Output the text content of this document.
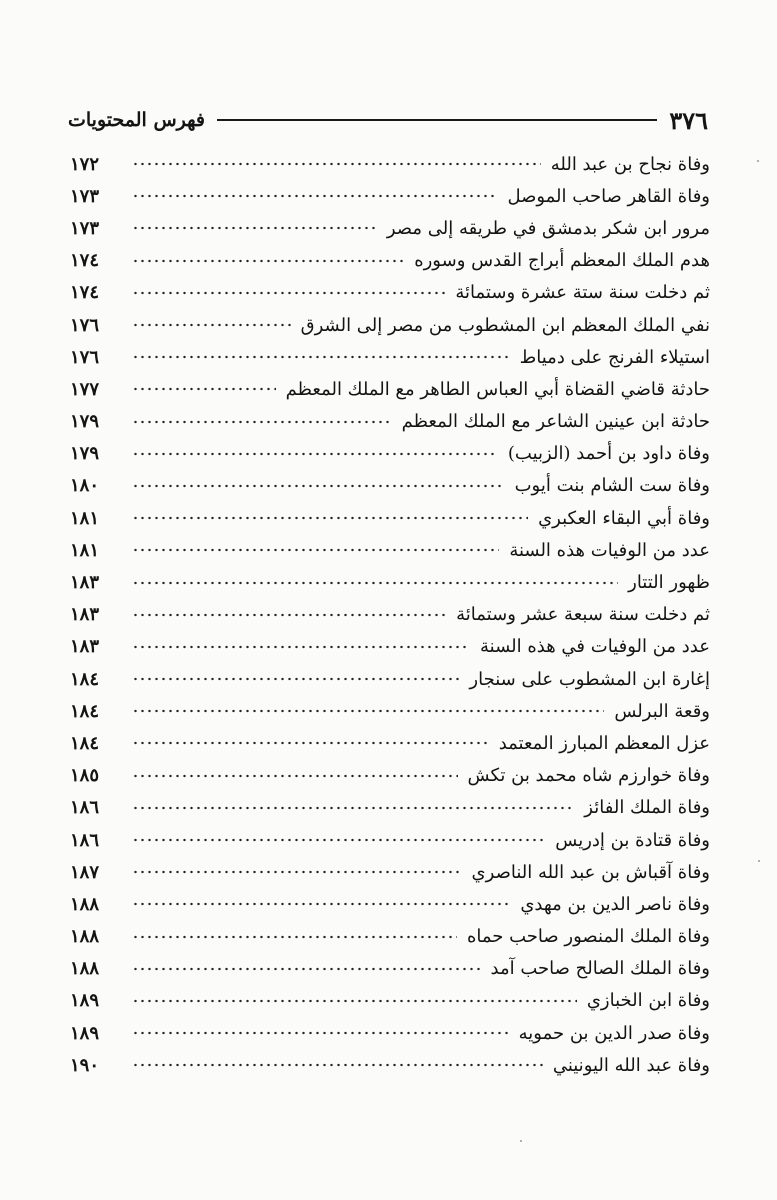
٣٧٦
فهرس المحتويات
وفاة نجاح بن عبد الله
١٧٢
وفاة القاهر صاحب الموصل
١٧٣
مرور ابن شكر بدمشق في طريقه إلى مصر
١٧٣
هدم الملك المعظم أبراج القدس وسوره
١٧٤
ثم دخلت سنة ستة عشرة وستمائة
١٧٤
نفي الملك المعظم ابن المشطوب من مصر إلى الشرق
١٧٦
استيلاء الفرنج على دمياط
١٧٦
حادثة قاضي القضاة أبي العباس الطاهر مع الملك المعظم
١٧٧
حادثة ابن عينين الشاعر مع الملك المعظم
١٧٩
وفاة داود بن أحمد (الزبيب)
١٧٩
وفاة ست الشام بنت أيوب
١٨٠
وفاة أبي البقاء العكبري
١٨١
عدد من الوفيات هذه السنة
١٨١
ظهور التتار
١٨٣
ثم دخلت سنة سبعة عشر وستمائة
١٨٣
عدد من الوفيات في هذه السنة
١٨٣
إغارة ابن المشطوب على سنجار
١٨٤
وقعة البرلس
١٨٤
عزل المعظم المبارز المعتمد
١٨٤
وفاة خوارزم شاه محمد بن تكش
١٨٥
وفاة الملك الفائز
١٨٦
وفاة قتادة بن إدريس
١٨٦
وفاة آقباش بن عبد الله الناصري
١٨٧
وفاة ناصر الدين بن مهدي
١٨٨
وفاة الملك المنصور صاحب حماه
١٨٨
وفاة الملك الصالح صاحب آمد
١٨٨
وفاة ابن الخبازي
١٨٩
وفاة صدر الدين بن حمويه
١٨٩
وفاة عبد الله اليونيني
١٩٠
